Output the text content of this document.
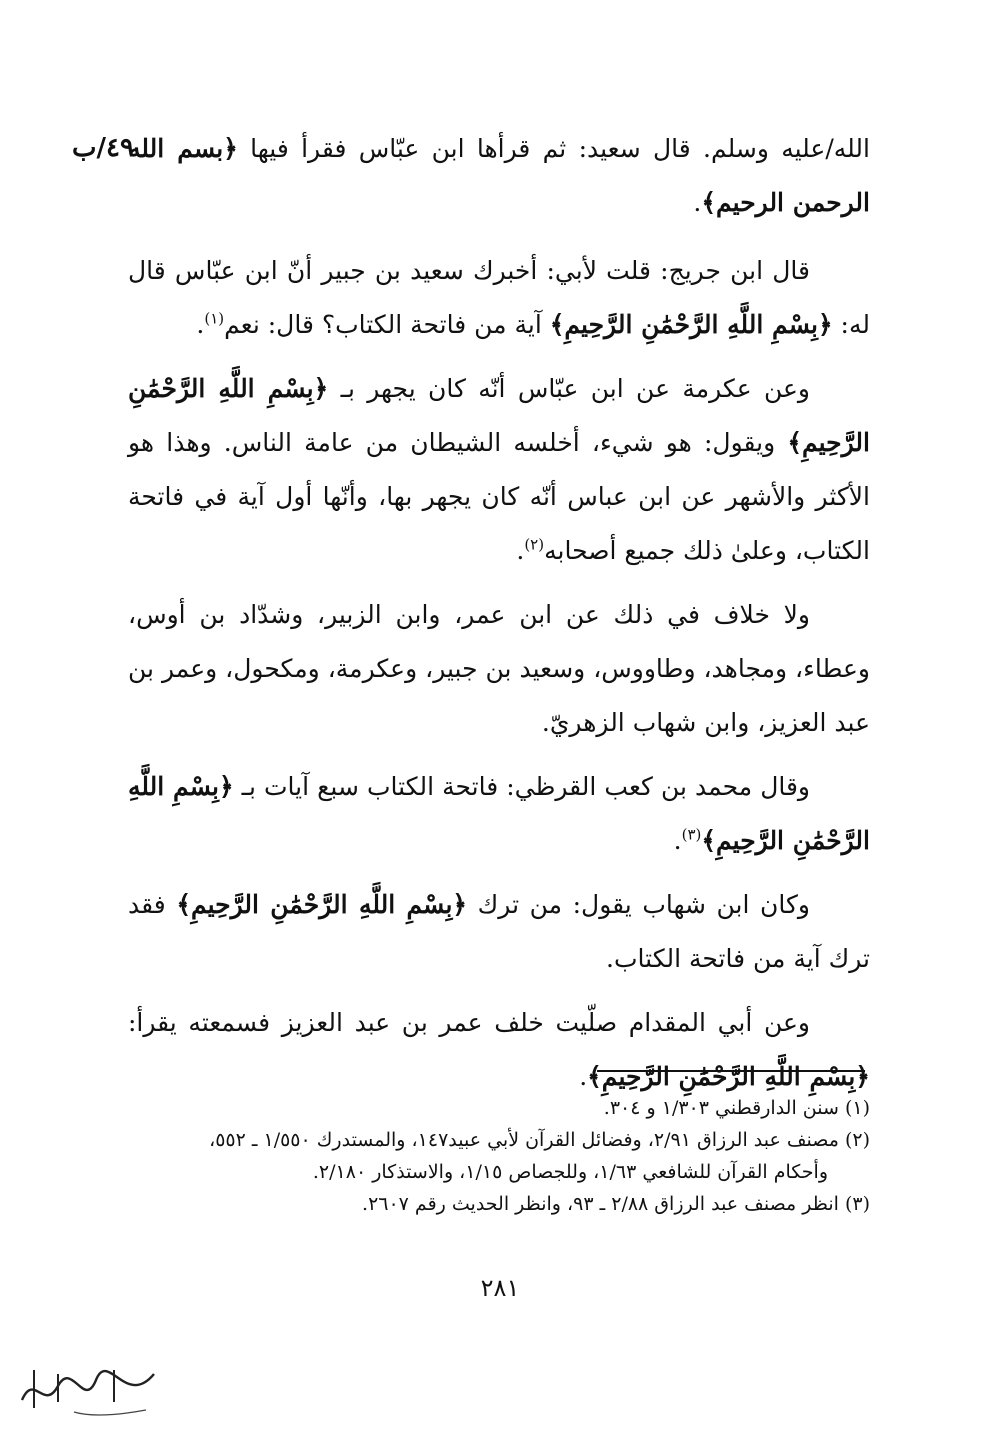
٤٩/ب	الله/عليه وسلم. قال سعيد: ثم قرأها ابن عبّاس فقرأ فيها ﴿بسم الله الرحمن الرحيم﴾.

قال ابن جريج: قلت لأبي: أخبرك سعيد بن جبير أنّ ابن عبّاس قال له: ﴿بِسْمِ اللَّهِ الرَّحْمَٰنِ الرَّحِيمِ﴾ آية من فاتحة الكتاب؟ قال: نعم$^{(١)}$.

وعن عكرمة عن ابن عبّاس أنّه كان يجهر بـ ﴿بِسْمِ اللَّهِ الرَّحْمَٰنِ الرَّحِيمِ﴾ ويقول: هو شيء، أخلسه الشيطان من عامة الناس. وهذا هو الأكثر والأشهر عن ابن عباس أنّه كان يجهر بها، وأنّها أول آية في فاتحة الكتاب، وعلىٰ ذلك جميع أصحابه$^{(٢)}$.

ولا خلاف في ذلك عن ابن عمر، وابن الزبير، وشدّاد بن أوس، وعطاء، ومجاهد، وطاووس، وسعيد بن جبير، وعكرمة، ومكحول، وعمر بن عبد العزيز، وابن شهاب الزهريّ.

وقال محمد بن كعب القرظي: فاتحة الكتاب سبع آيات بـ ﴿بِسْمِ اللَّهِ الرَّحْمَٰنِ الرَّحِيمِ﴾$^{(٣)}$.

وكان ابن شهاب يقول: من ترك ﴿بِسْمِ اللَّهِ الرَّحْمَٰنِ الرَّحِيمِ﴾ فقد ترك آية من فاتحة الكتاب.

وعن أبي المقدام صلّيت خلف عمر بن عبد العزيز فسمعته يقرأ: ﴿بِسْمِ اللَّهِ الرَّحْمَٰنِ الرَّحِيمِ﴾.

(١) سنن الدارقطني ١/٣٠٣ و ٣٠٤.
(٢) مصنف عبد الرزاق ٢/٩١، وفضائل القرآن لأبي عبيد١٤٧، والمستدرك ١/٥٥٠ ـ ٥٥٢،
وأحكام القرآن للشافعي ١/٦٣، وللجصاص ١/١٥، والاستذكار ٢/١٨٠.
(٣) انظر مصنف عبد الرزاق ٢/٨٨ ـ ٩٣، وانظر الحديث رقم ٢٦٠٧.
٢٨١
